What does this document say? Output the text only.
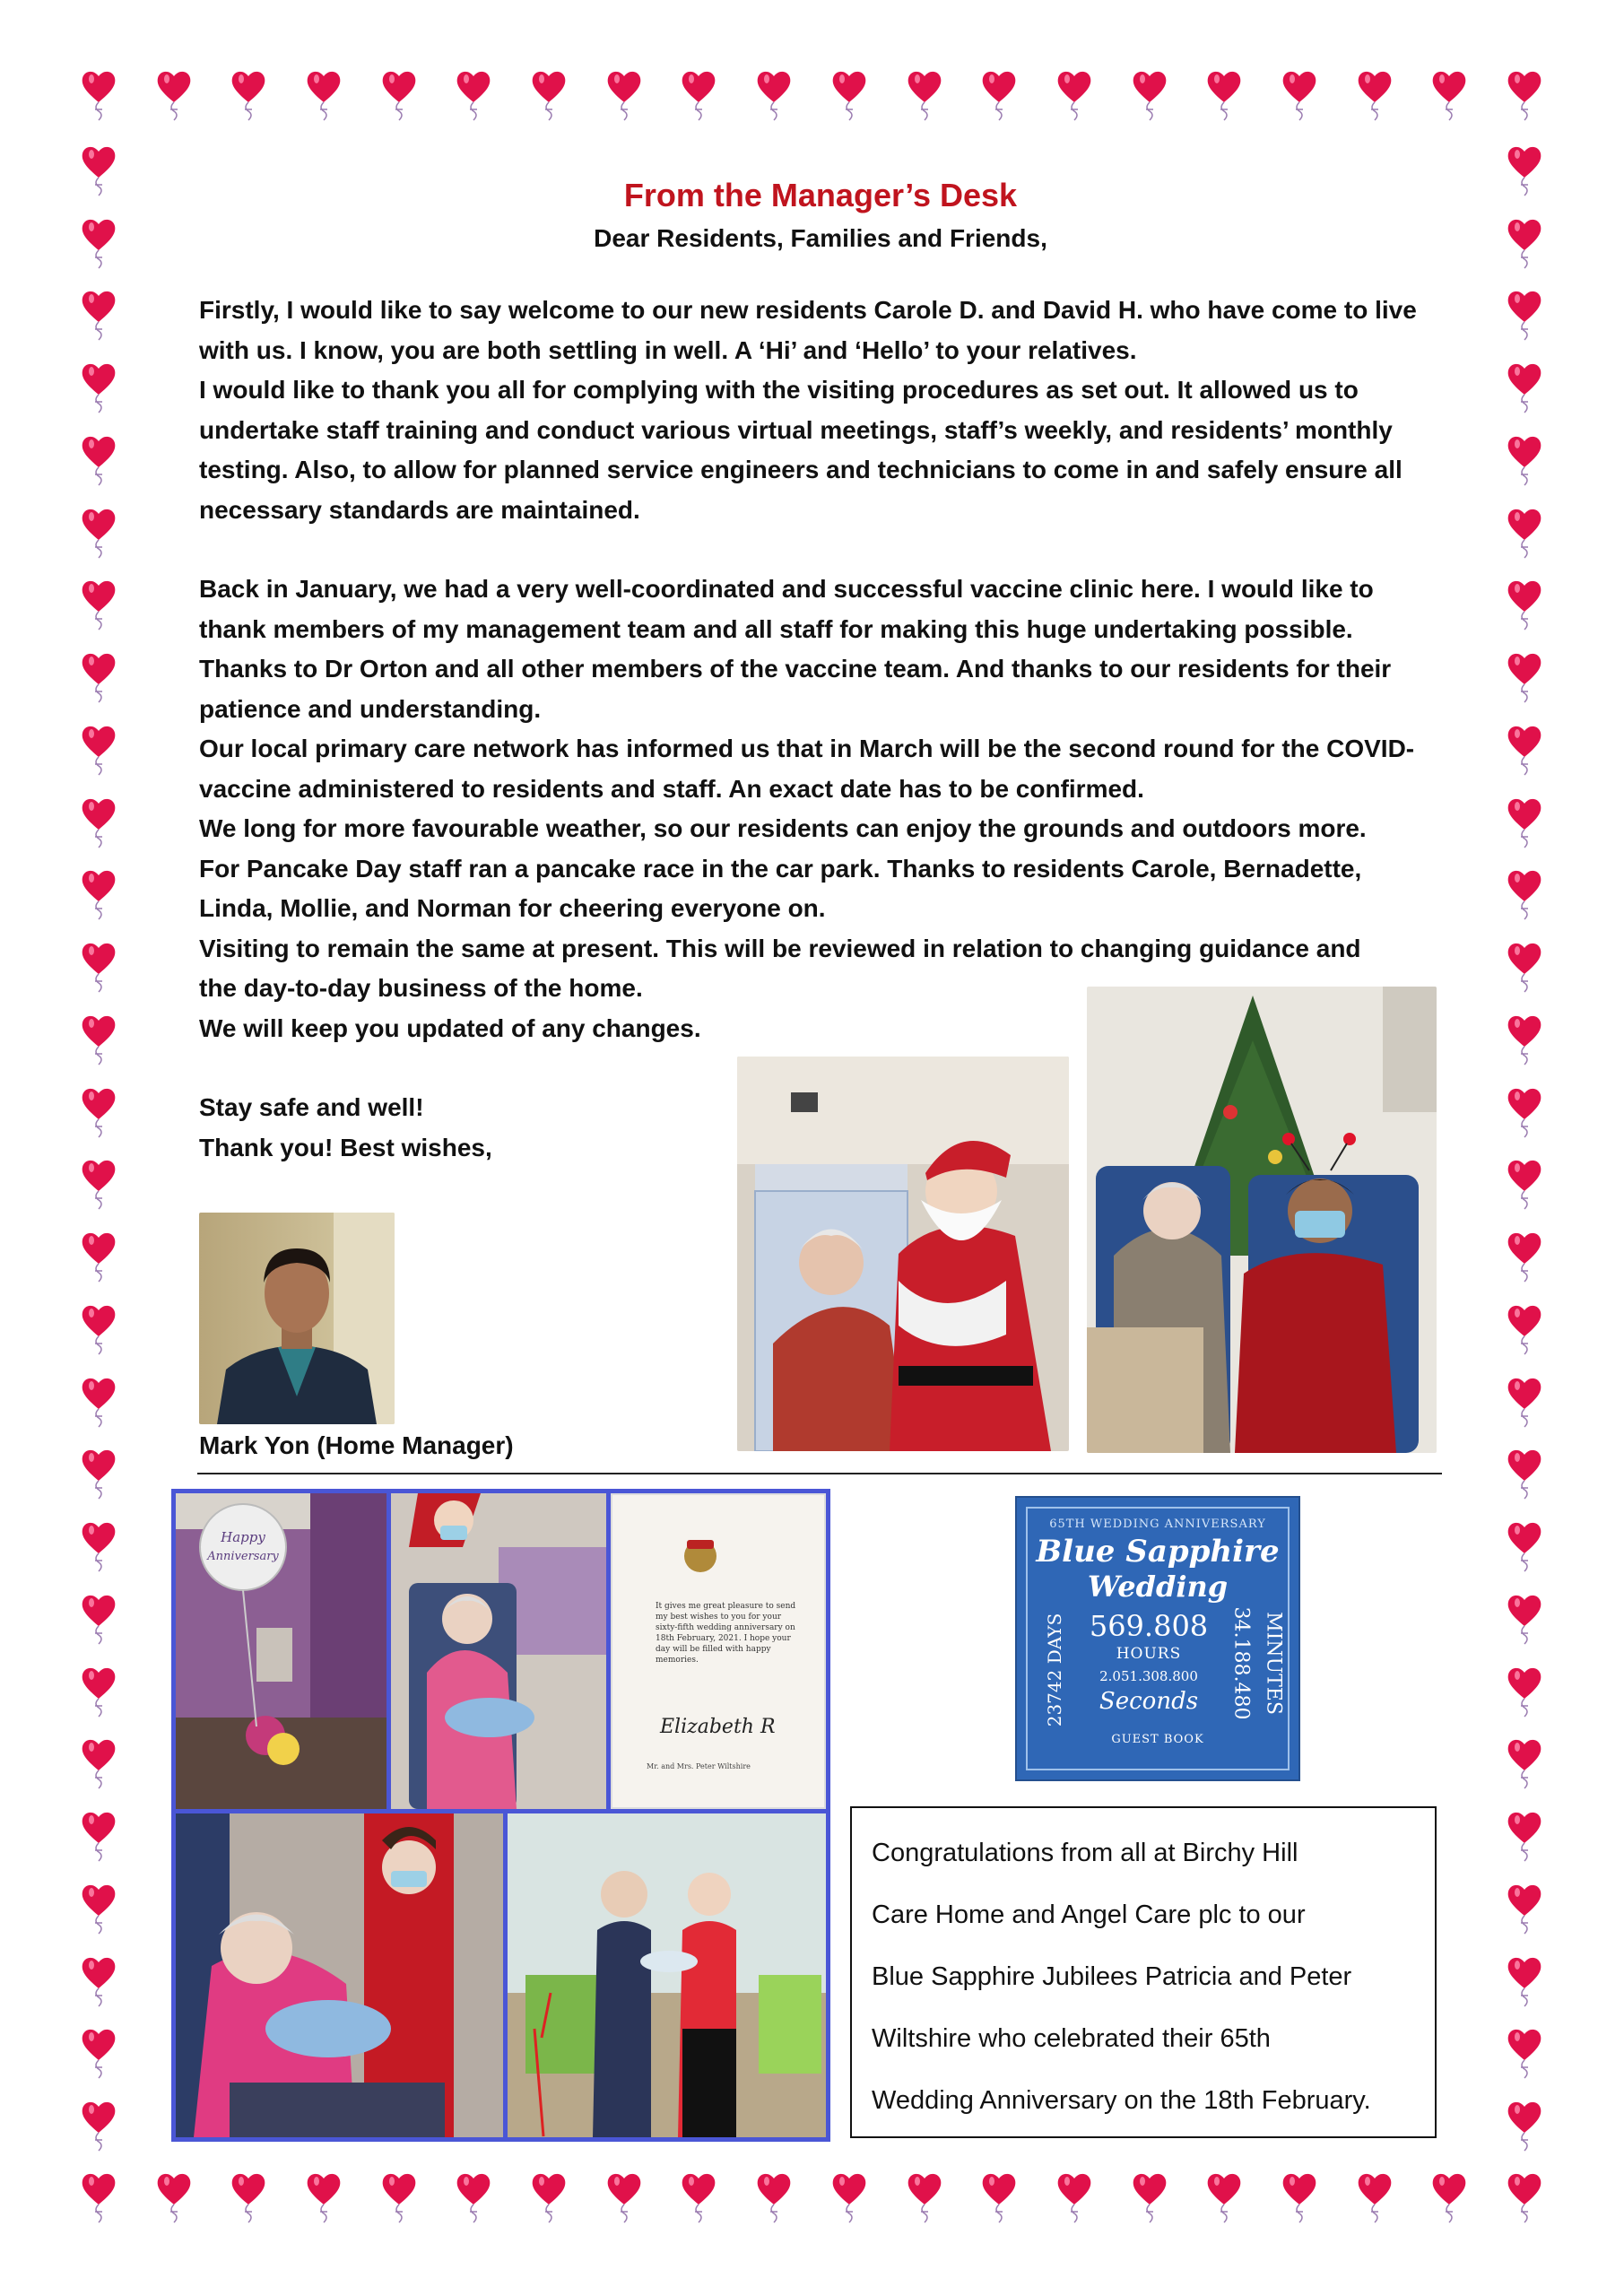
From the Manager’s Desk

Dear Residents, Families and Friends,

Firstly, I would like to say welcome to our new residents Carole D. and David H. who have come to live with us. I know, you are both settling in well. A ‘Hi’ and ‘Hello’ to your relatives.

I would like to thank you all for complying with the visiting procedures as set out. It allowed us to undertake staff training and conduct various virtual meetings, staff’s weekly, and residents’ monthly testing. Also, to allow for planned service engineers and technicians to come in and safely ensure all necessary standards are maintained.

Back in January, we had a very well-coordinated and successful vaccine clinic here. I would like to thank members of my management team and all staff for making this huge undertaking possible. Thanks to Dr Orton and all other members of the vaccine team. And thanks to our residents for their patience and understanding.

Our local primary care network has informed us that in March will be the second round for the COVID-vaccine administered to residents and staff. An exact date has to be confirmed.

We long for more favourable weather, so our residents can enjoy the grounds and outdoors more.

For Pancake Day staff ran a pancake race in the car park. Thanks to residents Carole, Bernadette, Linda, Mollie, and Norman for cheering everyone on.

Visiting to remain the same at present. This will be reviewed in relation to changing guidance and

the day-to-day business of the home.

We will keep you updated of any changes.

Stay safe and well!

Thank you! Best wishes,

Mark Yon (Home Manager)
Happy
Anniversary
It gives me great pleasure to send my best wishes to you for your sixty-fifth wedding anniversary on 18th February, 2021. I hope your day will be filled with happy memories.
Elizabeth R
Mr. and Mrs. Peter Wiltshire
65TH WEDDING ANNIVERSARY
Blue Sapphire
Wedding
23742 DAYS 569.808
HOURS
2.051.308.800
Seconds	34.188.480 MINUTES
GUEST BOOK
Congratulations from all at Birchy Hill
Care Home and Angel Care plc to our
Blue Sapphire Jubilees Patricia and Peter
Wiltshire who celebrated their 65th
Wedding Anniversary on the 18th February.
